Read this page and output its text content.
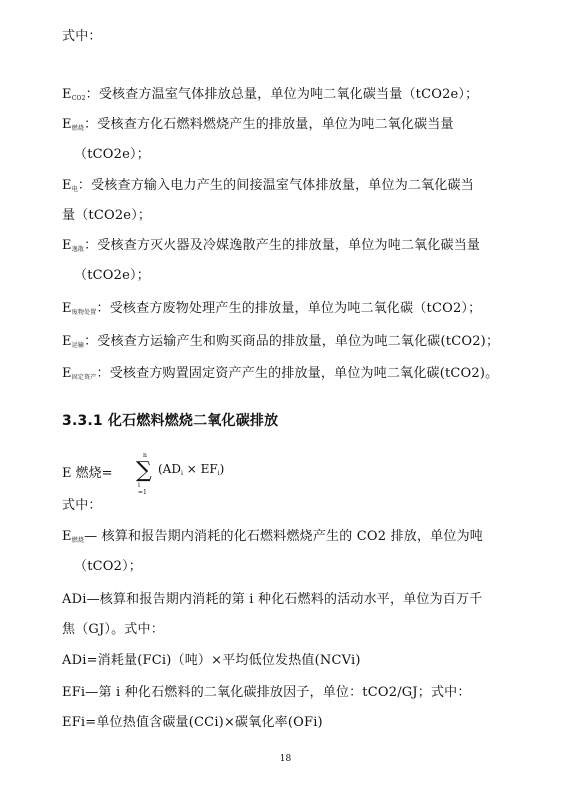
式中：
$E_{CO2}$：受核查方温室气体排放总量，单位为吨二氧化碳当量（tCO2e）；
$E_{燃烧}$：受核查方化石燃料燃烧产生的排放量，单位为吨二氧化碳当量
（tCO2e）；
$E_电$：受核查方输入电力产生的间接温室气体排放量，单位为二氧化碳当
量（tCO2e）；
$E_{逸散}$：受核查方灭火器及冷媒逸散产生的排放量，单位为吨二氧化碳当量
（tCO2e）；
$E_{废物处置}$：受核查方废物处理产生的排放量，单位为吨二氧化碳（tCO2）；
$E_{运输}$：受核查方运输产生和购买商品的排放量，单位为吨二氧化碳(tCO2)；
$E_{固定资产}$：受核查方购置固定资产产生的排放量，单位为吨二氧化碳(tCO2)。
3.3.1 化石燃料燃烧二氧化碳排放
E 燃烧=
n
∑
i =1
(ADi × EFi)
式中：
$E_{燃烧}—$ 核算和报告期内消耗的化石燃料燃烧产生的 CO2 排放，单位为吨
（tCO2）；
ADi—核算和报告期内消耗的第 i 种化石燃料的活动水平，单位为百万千
焦（GJ）。式中：
ADi=消耗量(FCi)（吨）×平均低位发热值(NCVi)
EFi—第 i 种化石燃料的二氧化碳排放因子，单位：tCO2/GJ；式中：
EFi=单位热值含碳量(CCi)×碳氧化率(OFi)
18
